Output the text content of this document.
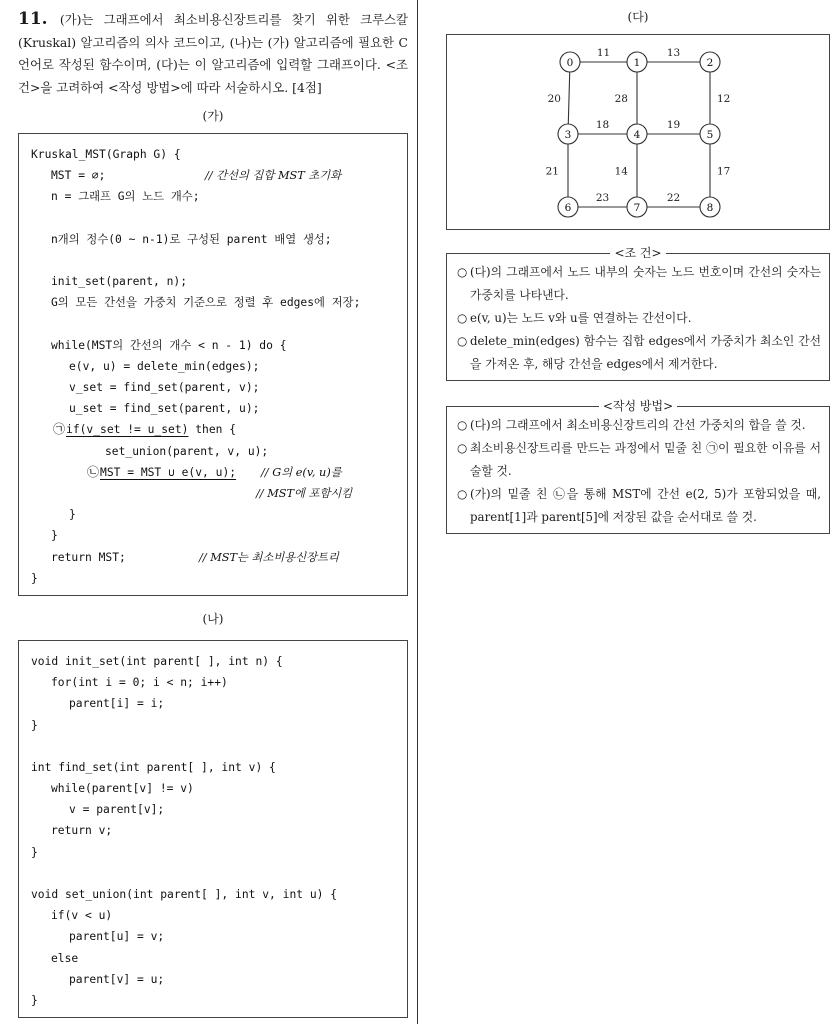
11. (가)는 그래프에서 최소비용신장트리를 찾기 위한 크루스칼(Kruskal) 알고리즘의 의사 코드이고, (나)는 (가) 알고리즘에 필요한 C 언어로 작성된 함수이며, (다)는 이 알고리즘에 입력할 그래프이다. <조건>을 고려하여 <작성 방법>에 따라 서술하시오. [4점]
(가)
Kruskal_MST(Graph G) {
MST = ∅;	// 간선의 집합 MST 초기화
n = 그래프 G의 노드 개수;
n개의 정수(0 ~ n-1)로 구성된 parent 배열 생성;
init_set(parent, n);
G의 모든 간선을 가중치 기준으로 정렬 후 edges에 저장;
while(MST의 간선의 개수 < n - 1) do {
e(v, u) = delete_min(edges);
v_set = find_set(parent, v);
u_set = find_set(parent, u);
㉠if(v_set != u_set) then {
set_union(parent, v, u);
㉡MST = MST ∪ e(v, u); // G의 e(v, u)를
// MST에 포함시킴
}
}
return MST;	// MST는 최소비용신장트리
}
(나)
void init_set(int parent[ ], int n) {
for(int i = 0; i < n; i++)
parent[i] = i;
}
int find_set(int parent[ ], int v) {
while(parent[v] != v)
v = parent[v];
return v;
}
void set_union(int parent[ ], int v, int u) {
if(v < u)
parent[u] = v;
else
parent[v] = u;
}
(다)
11	13
20	28	12
18	19
21	14	17
23	22
0	1	2
3	4	5
6	7	8
<조 건>
○ (다)의 그래프에서 노드 내부의 숫자는 노드 번호이며 간선의 숫자는 가중치를 나타낸다.
○ e(v, u)는 노드 v와 u를 연결하는 간선이다.
○ delete_min(edges) 함수는 집합 edges에서 가중치가 최소인 간선을 가져온 후, 해당 간선을 edges에서 제거한다.
<작성 방법>
○ (다)의 그래프에서 최소비용신장트리의 간선 가중치의 합을 쓸 것.
○ 최소비용신장트리를 만드는 과정에서 밑줄 친 ㉠이 필요한 이유를 서술할 것.
○ (가)의 밑줄 친 ㉡을 통해 MST에 간선 e(2, 5)가 포함되었을 때, parent[1]과 parent[5]에 저장된 값을 순서대로 쓸 것.
